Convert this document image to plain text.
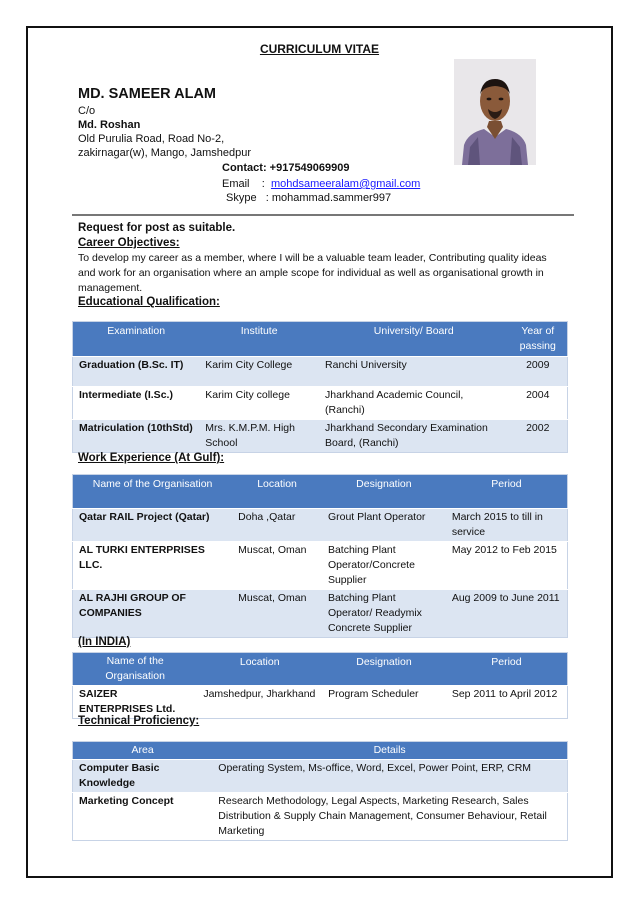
CURRICULUM VITAE
MD. SAMEER ALAM
C/o
Md. Roshan
Old Purulia Road, Road No-2,
zakirnagar(w), Mango, Jamshedpur
Contact: +917549069909
Email : mohdsameeralam@gmail.com
Skype : mohammad.sammer997
Request for post as suitable.
Career Objectives:
To develop my career as a member, where I will be a valuable team leader, Contributing quality ideas and work for an organisation where an ample scope for individual as well as organisational growth in management.
Educational Qualification:
Examination	Institute	University/ Board	Year of passing
Graduation (B.Sc. IT)	Karim City College	Ranchi University	2009
Intermediate (I.Sc.)	Karim City college	Jharkhand Academic Council,(Ranchi)	2004
Matriculation (10thStd)	Mrs. K.M.P.M. High School	Jharkhand Secondary Examination Board, (Ranchi)	2002
Work Experience (At Gulf):
Name of the Organisation	Location	Designation	Period
Qatar RAIL Project (Qatar)	Doha ,Qatar	Grout Plant Operator	March 2015 to till in service
AL TURKI ENTERPRISES LLC.	Muscat, Oman	Batching Plant Operator/Concrete Supplier	May 2012 to Feb 2015
AL RAJHI GROUP OF COMPANIES	Muscat, Oman	Batching Plant Operator/ Readymix Concrete Supplier	Aug 2009 to June 2011
(In INDIA)
Name of the Organisation	Location	Designation	Period
SAIZER ENTERPRISES Ltd.	Jamshedpur, Jharkhand	Program Scheduler	Sep 2011 to April 2012
Technical Proficiency:
Area	Details
Computer Basic Knowledge	Operating System, Ms-office, Word, Excel, Power Point, ERP, CRM
Marketing Concept	Research Methodology, Legal Aspects, Marketing Research, Sales Distribution & Supply Chain Management, Consumer Behaviour, Retail Marketing
